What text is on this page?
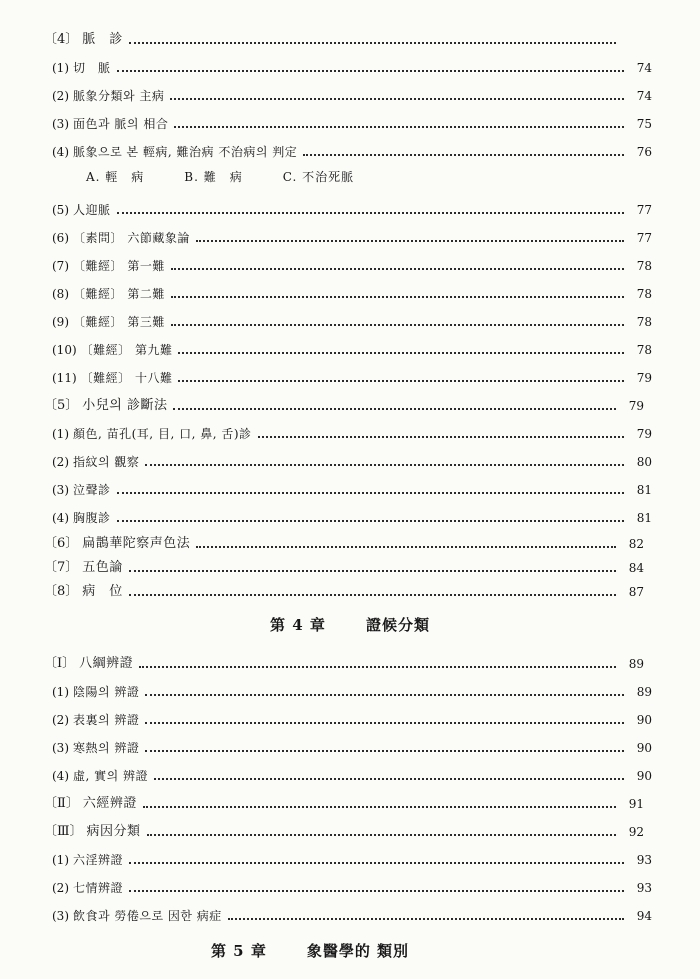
〔4〕 脈　診
(1) 切　脈	74
(2) 脈象分類와 主病	74
(3) 面色과 脈의 相合	75
(4) 脈象으로 본 輕病, 難治病 不治病의 判定	76
A. 輕　病	B. 難　病	C. 不治死脈
(5) 人迎脈	77
(6) 〔素問〕 六節藏象論	77
(7) 〔難經〕 第一難	78
(8) 〔難經〕 第二難	78
(9) 〔難經〕 第三難	78
(10) 〔難經〕 第九難	78
(11) 〔難經〕 十八難	79
〔5〕 小兒의 診斷法	79
(1) 顏色, 苗孔(耳, 目, 口, 鼻, 舌)診	79
(2) 指紋의 觀察	80
(3) 泣聲診	81
(4) 胸腹診	81
〔6〕 扁鵲華陀察声色法	82
〔7〕 五色論	84
〔8〕 病　位	87
第 4 章	證候分類
〔Ⅰ〕 八綱辨證	89
(1) 陰陽의 辨證	89
(2) 表裏의 辨證	90
(3) 寒熱의 辨證	90
(4) 虛, 實의 辨證	90
〔Ⅱ〕 六經辨證	91
〔Ⅲ〕 病因分類	92
(1) 六淫辨證	93
(2) 七情辨證	93
(3) 飲食과 勞倦으로 因한 病症	94
第 5 章	象醫學的 類別
